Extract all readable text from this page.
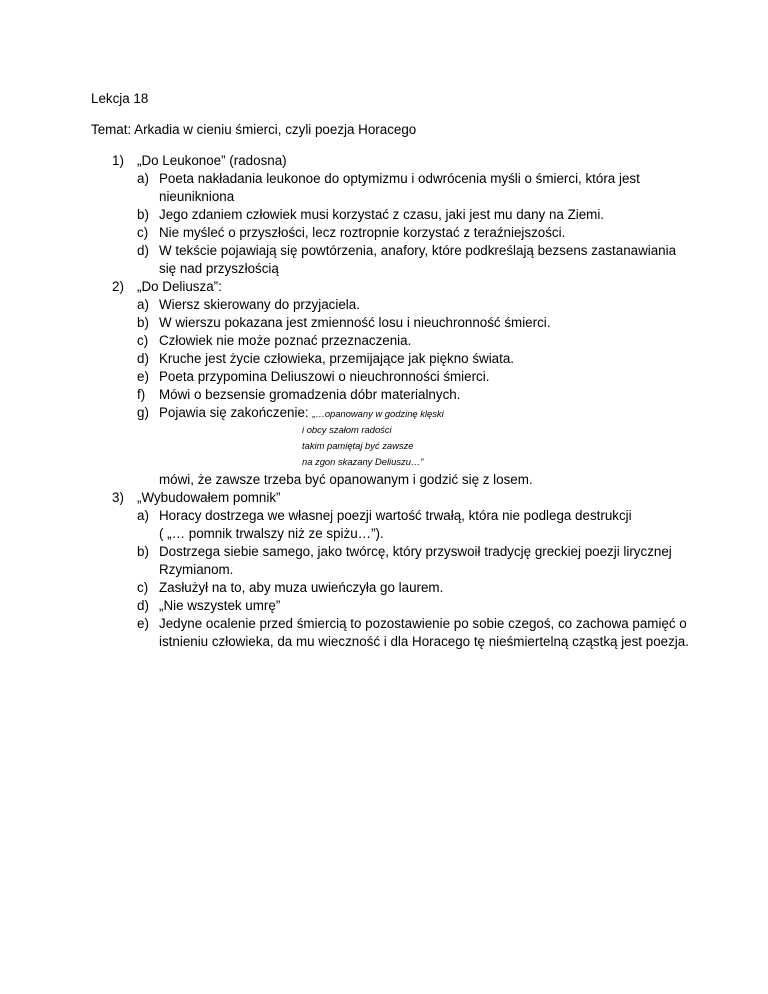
Lekcja 18

Temat: Arkadia w cieniu śmierci, czyli poezja Horacego

1) „Do Leukonoe” (radosna)
a) Poeta nakładania leukonoe do optymizmu i odwrócenia myśli o śmierci, która jest
nieunikniona
b) Jego zdaniem człowiek musi korzystać z czasu, jaki jest mu dany na Ziemi.
c) Nie myśleć o przyszłości, lecz roztropnie korzystać z teraźniejszości.
d) W tekście pojawiają się powtórzenia, anafory, które podkreślają bezsens zastanawiania
się nad przyszłością
2) „Do Deliusza”:
a) Wiersz skierowany do przyjaciela.
b) W wierszu pokazana jest zmienność losu i nieuchronność śmierci.
c) Człowiek nie może poznać przeznaczenia.
d) Kruche jest życie człowieka, przemijające jak piękno świata.
e) Poeta przypomina Deliuszowi o nieuchronności śmierci.
f) Mówi o bezsensie gromadzenia dóbr materialnych.
g) Pojawia się zakończenie: „…opanowany w godzinę klęski
i obcy szałom radości
takim pamiętaj być zawsze
na zgon skazany Deliuszu…”
mówi, że zawsze trzeba być opanowanym i godzić się z losem.
3) „Wybudowałem pomnik”
a) Horacy dostrzega we własnej poezji wartość trwałą, która nie podlega destrukcji
( „… pomnik trwalszy niż ze spiżu…”).
b) Dostrzega siebie samego, jako twórcę, który przyswoił tradycję greckiej poezji lirycznej
Rzymianom.
c) Zasłużył na to, aby muza uwieńczyła go laurem.
d) „Nie wszystek umrę”
e) Jedyne ocalenie przed śmiercią to pozostawienie po sobie czegoś, co zachowa pamięć o
istnieniu człowieka, da mu wieczność i dla Horacego tę nieśmiertelną cząstką jest poezja.
